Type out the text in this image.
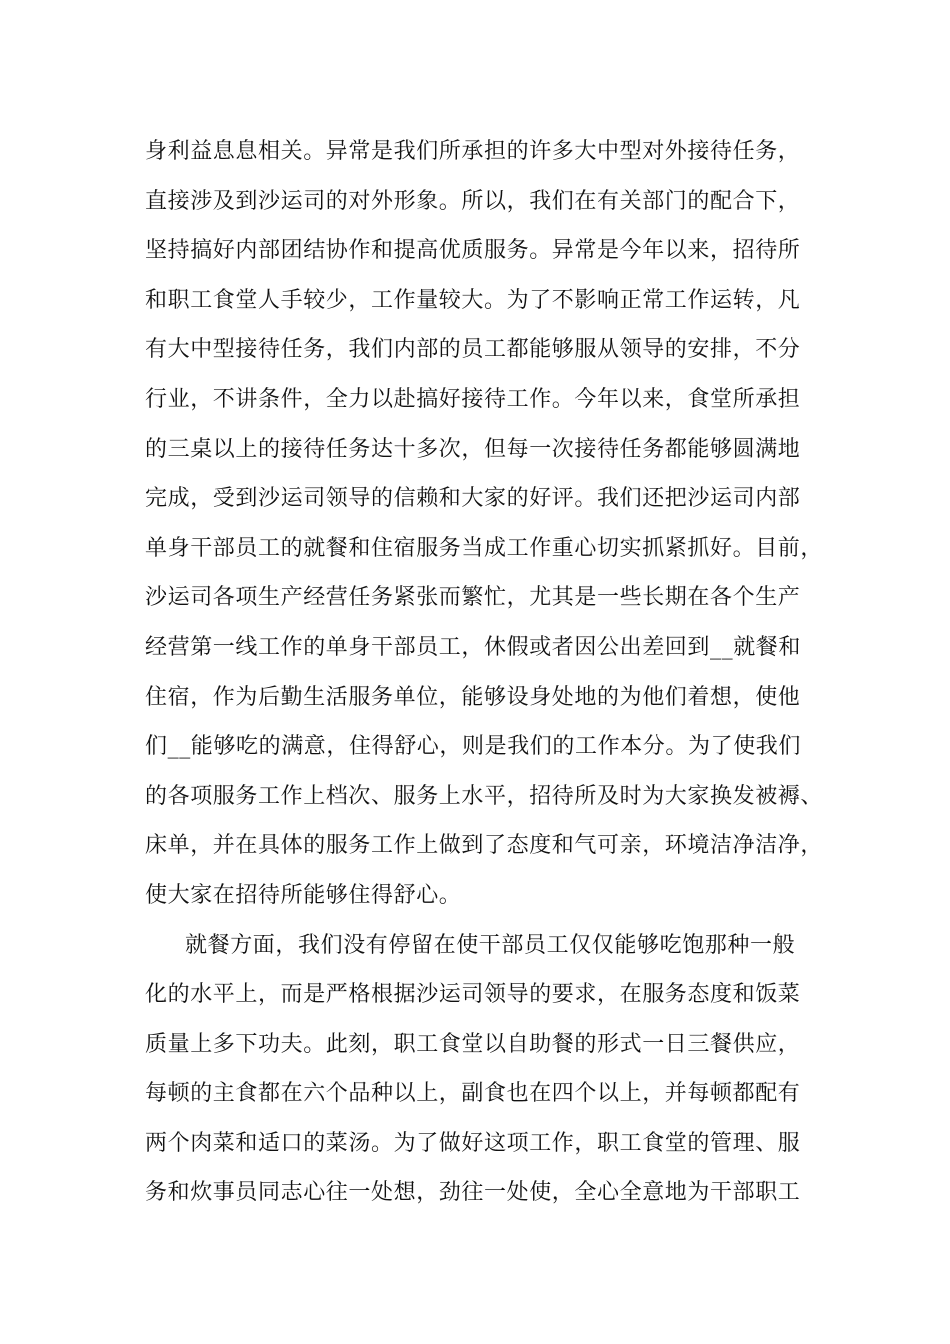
身利益息息相关。异常是我们所承担的许多大中型对外接待任务，
直接涉及到沙运司的对外形象。所以，我们在有关部门的配合下，
坚持搞好内部团结协作和提高优质服务。异常是今年以来，招待所
和职工食堂人手较少，工作量较大。为了不影响正常工作运转，凡
有大中型接待任务，我们内部的员工都能够服从领导的安排，不分
行业，不讲条件，全力以赴搞好接待工作。今年以来，食堂所承担
的三桌以上的接待任务达十多次，但每一次接待任务都能够圆满地
完成，受到沙运司领导的信赖和大家的好评。我们还把沙运司内部
单身干部员工的就餐和住宿服务当成工作重心切实抓紧抓好。目前，
沙运司各项生产经营任务紧张而繁忙，尤其是一些长期在各个生产
经营第一线工作的单身干部员工，休假或者因公出差回到__就餐和
住宿，作为后勤生活服务单位，能够设身处地的为他们着想，使他
们__能够吃的满意，住得舒心，则是我们的工作本分。为了使我们
的各项服务工作上档次、服务上水平，招待所及时为大家换发被褥、
床单，并在具体的服务工作上做到了态度和气可亲，环境洁净洁净，
使大家在招待所能够住得舒心。
就餐方面，我们没有停留在使干部员工仅仅能够吃饱那种一般
化的水平上，而是严格根据沙运司领导的要求，在服务态度和饭菜
质量上多下功夫。此刻，职工食堂以自助餐的形式一日三餐供应，
每顿的主食都在六个品种以上，副食也在四个以上，并每顿都配有
两个肉菜和适口的菜汤。为了做好这项工作，职工食堂的管理、服
务和炊事员同志心往一处想，劲往一处使，全心全意地为干部职工
